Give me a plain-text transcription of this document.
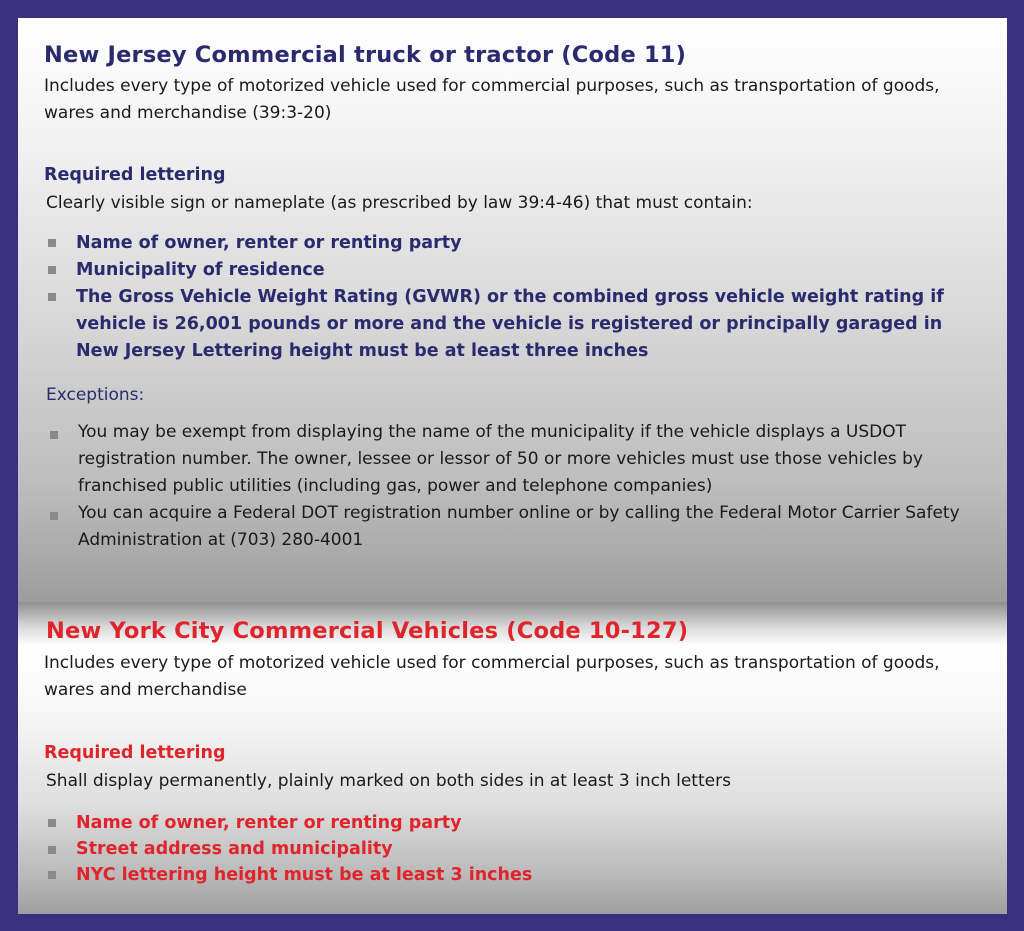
New Jersey Commercial truck or tractor (Code 11)

Includes every type of motorized vehicle used for commercial purposes, such as transportation of goods, wares and merchandise (39:3-20)

Required lettering

Clearly visible sign or nameplate (as prescribed by law 39:4-46) that must contain:

Name of owner, renter or renting party
Municipality of residence
The Gross Vehicle Weight Rating (GVWR) or the combined gross vehicle weight rating if vehicle is 26,001 pounds or more and the vehicle is registered or principally garaged in New Jersey Lettering height must be at least three inches

Exceptions:

You may be exempt from displaying the name of the municipality if the vehicle displays a USDOT registration number. The owner, lessee or lessor of 50 or more vehicles must use those vehicles by franchised public utilities (including gas, power and telephone companies)
You can acquire a Federal DOT registration number online or by calling the Federal Motor Carrier Safety Administration at (703) 280-4001
New York City Commercial Vehicles (Code 10-127)

Includes every type of motorized vehicle used for commercial purposes, such as transportation of goods, wares and merchandise

Required lettering

Shall display permanently, plainly marked on both sides in at least 3 inch letters

Name of owner, renter or renting party
Street address and municipality
NYC lettering height must be at least 3 inches
